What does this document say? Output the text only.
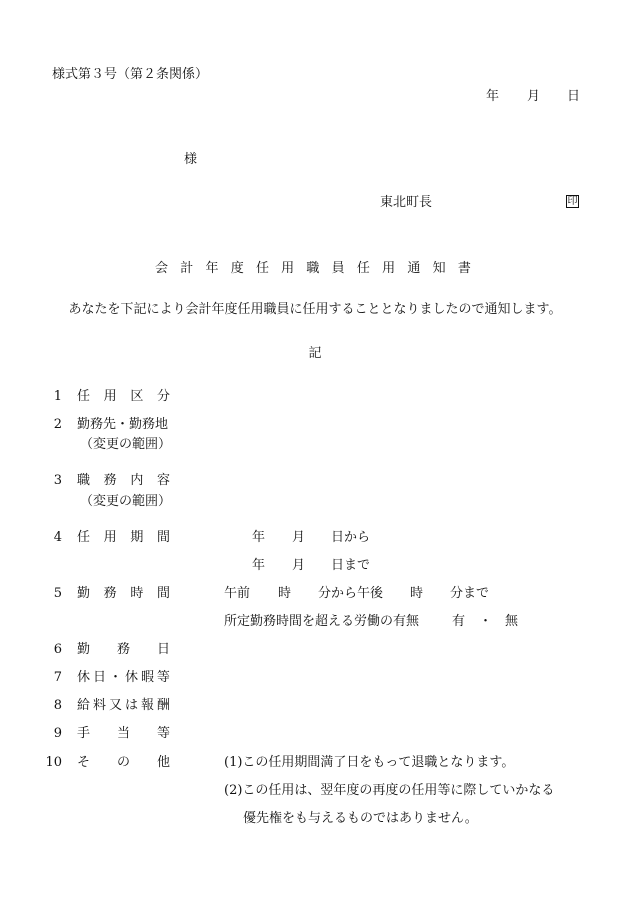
様式第３号（第２条関係）
年 月 日
様
東北町長	印
会 計 年 度 任 用 職 員 任 用 通 知 書
あなたを下記により会計年度任用職員に任用することとなりましたので通知します。
記
1
2
3
4
5
6
7
8
9
10
任 用 区 分
勤務先・勤務地
（変更の範囲）
職 務 内 容
（変更の範囲）
任 用 期 間
勤 務 時 間
勤 務 日
休 日 ・ 休 暇 等
給 料 又 は 報 酬
手 当 等
そ の 他
年 月 日から
年 月 日まで
午前 時 分から午後 時 分まで
所定勤務時間を超える労働の有無	有 ・ 無
(1)この任用期間満了日をもって退職となります。
(2)この任用は、翌年度の再度の任用等に際していかなる
優先権をも与えるものではありません。
